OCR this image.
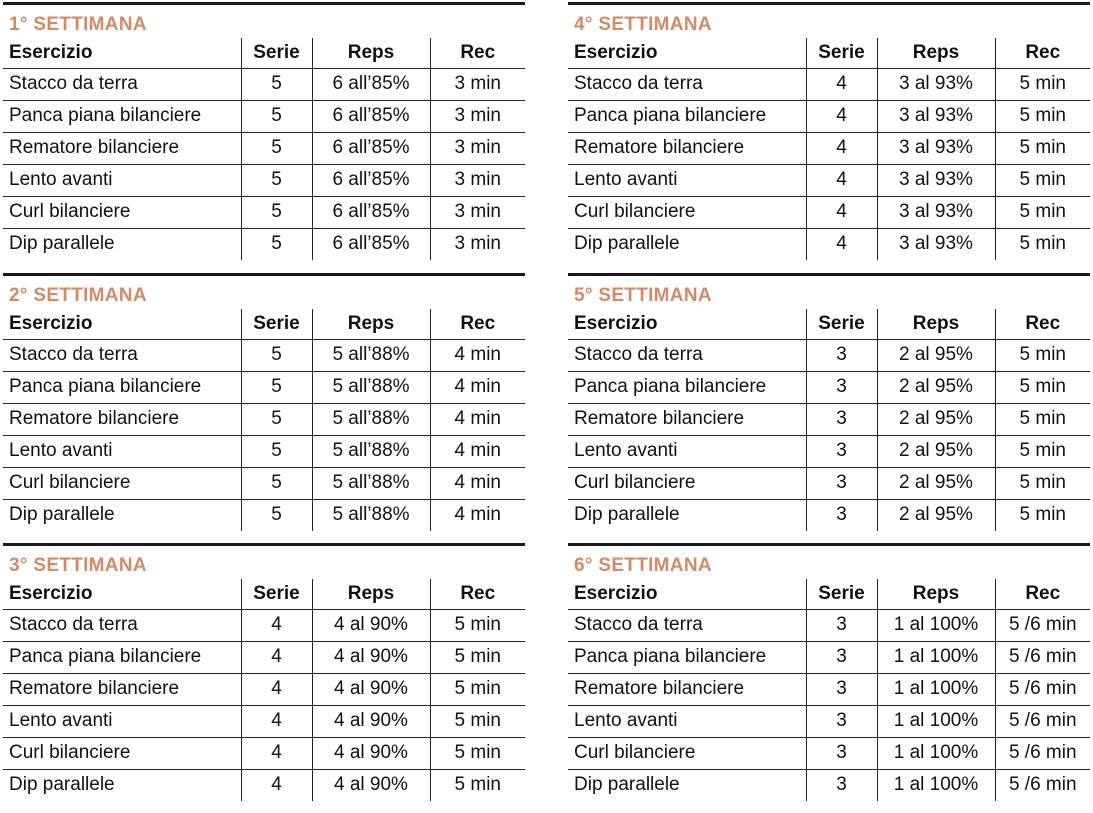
1° SETTIMANA
Esercizio	Serie	Reps	Rec
Stacco da terra	5	6 all’85%	3 min
Panca piana bilanciere	5	6 all’85%	3 min
Rematore bilanciere	5	6 all’85%	3 min
Lento avanti	5	6 all’85%	3 min
Curl bilanciere	5	6 all’85%	3 min
Dip parallele	5	6 all’85%	3 min
2° SETTIMANA
Esercizio	Serie	Reps	Rec
Stacco da terra	5	5 all’88%	4 min
Panca piana bilanciere	5	5 all’88%	4 min
Rematore bilanciere	5	5 all’88%	4 min
Lento avanti	5	5 all’88%	4 min
Curl bilanciere	5	5 all’88%	4 min
Dip parallele	5	5 all’88%	4 min
3° SETTIMANA
Esercizio	Serie	Reps	Rec
Stacco da terra	4	4 al 90%	5 min
Panca piana bilanciere	4	4 al 90%	5 min
Rematore bilanciere	4	4 al 90%	5 min
Lento avanti	4	4 al 90%	5 min
Curl bilanciere	4	4 al 90%	5 min
Dip parallele	4	4 al 90%	5 min
4° SETTIMANA
Esercizio	Serie	Reps	Rec
Stacco da terra	4	3 al 93%	5 min
Panca piana bilanciere	4	3 al 93%	5 min
Rematore bilanciere	4	3 al 93%	5 min
Lento avanti	4	3 al 93%	5 min
Curl bilanciere	4	3 al 93%	5 min
Dip parallele	4	3 al 93%	5 min
5° SETTIMANA
Esercizio	Serie	Reps	Rec
Stacco da terra	3	2 al 95%	5 min
Panca piana bilanciere	3	2 al 95%	5 min
Rematore bilanciere	3	2 al 95%	5 min
Lento avanti	3	2 al 95%	5 min
Curl bilanciere	3	2 al 95%	5 min
Dip parallele	3	2 al 95%	5 min
6° SETTIMANA
Esercizio	Serie	Reps	Rec
Stacco da terra	3	1 al 100%	5 /6 min
Panca piana bilanciere	3	1 al 100%	5 /6 min
Rematore bilanciere	3	1 al 100%	5 /6 min
Lento avanti	3	1 al 100%	5 /6 min
Curl bilanciere	3	1 al 100%	5 /6 min
Dip parallele	3	1 al 100%	5 /6 min
